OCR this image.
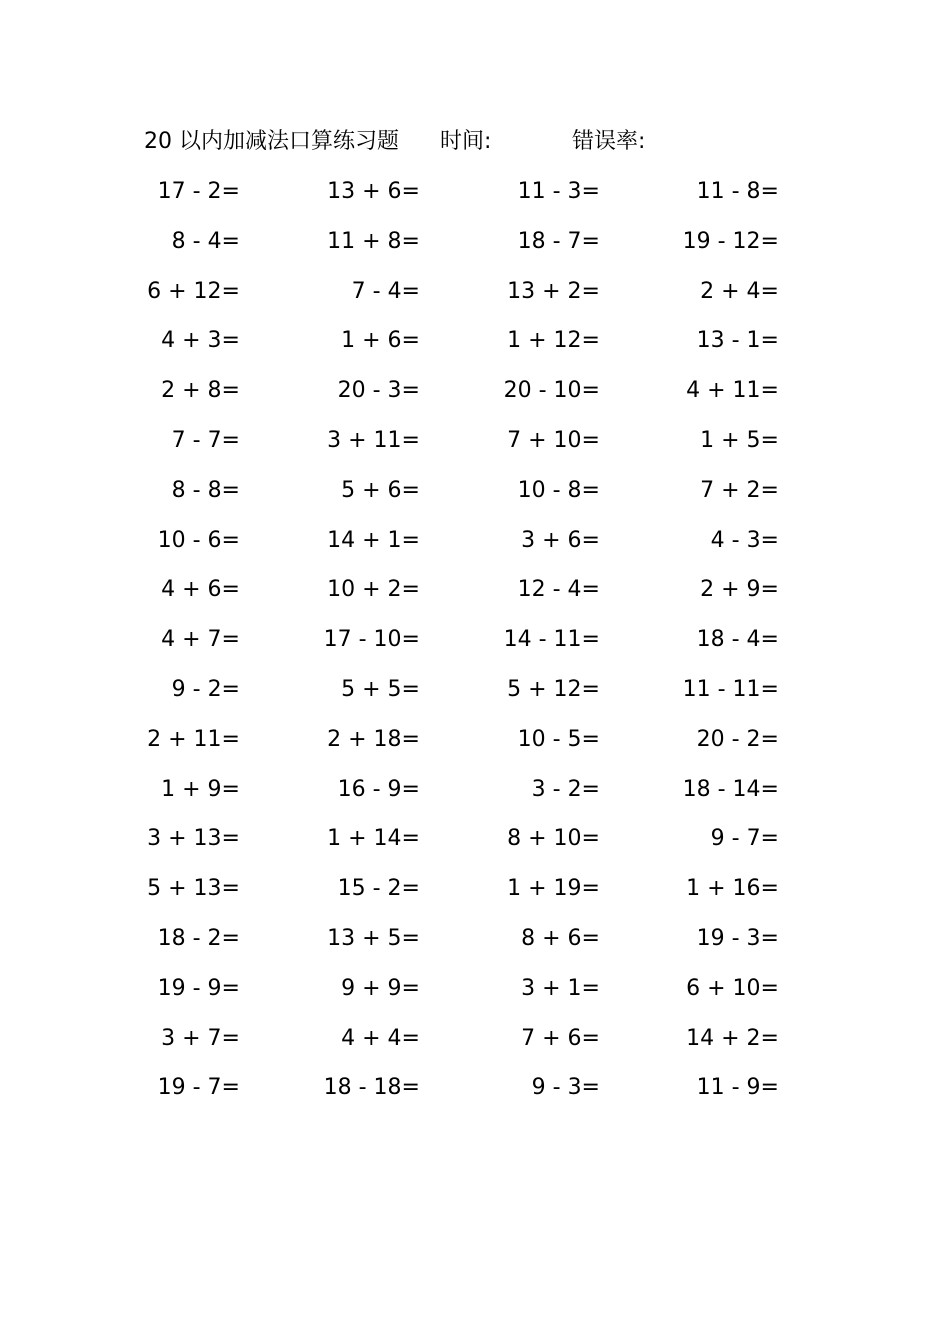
20 以内加减法口算练习题 时间:	错误率:
17 - 2=	13 + 6=	11 - 3=	11 - 8=
8 - 4=	11 + 8=	18 - 7=	19 - 12=
6 + 12=	7 - 4=	13 + 2=	2 + 4=
4 + 3=	1 + 6=	1 + 12=	13 - 1=
2 + 8=	20 - 3=	20 - 10=	4 + 11=
7 - 7=	3 + 11=	7 + 10=	1 + 5=
8 - 8=	5 + 6=	10 - 8=	7 + 2=
10 - 6=	14 + 1=	3 + 6=	4 - 3=
4 + 6=	10 + 2=	12 - 4=	2 + 9=
4 + 7=	17 - 10=	14 - 11=	18 - 4=
9 - 2=	5 + 5=	5 + 12=	11 - 11=
2 + 11=	2 + 18=	10 - 5=	20 - 2=
1 + 9=	16 - 9=	3 - 2=	18 - 14=
3 + 13=	1 + 14=	8 + 10=	9 - 7=
5 + 13=	15 - 2=	1 + 19=	1 + 16=
18 - 2=	13 + 5=	8 + 6=	19 - 3=
19 - 9=	9 + 9=	3 + 1=	6 + 10=
3 + 7=	4 + 4=	7 + 6=	14 + 2=
19 - 7=	18 - 18=	9 - 3=	11 - 9=
